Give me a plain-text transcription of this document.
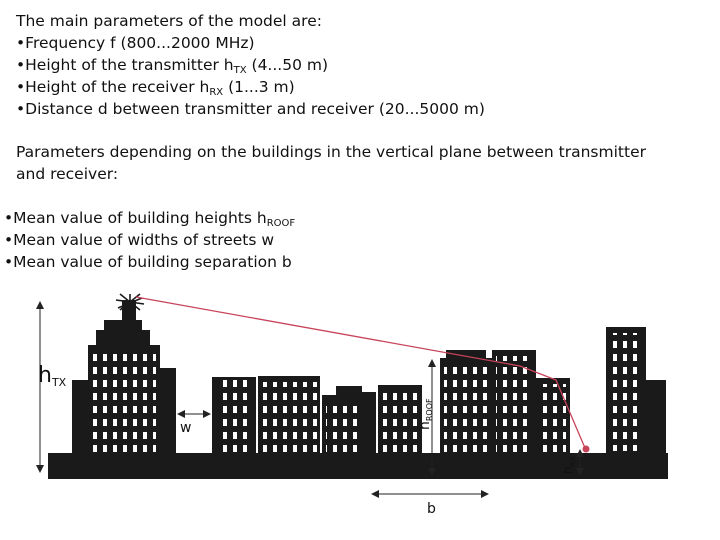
The main parameters of the model are:
•Frequency f (800...2000 MHz)
•Height of the transmitter $h_{TX}$ (4...50 m)
•Height of the receiver $h_{RX}$ (1...3 m)
•Distance d between transmitter and receiver (20...5000 m)
Parameters depending on the buildings in the vertical plane between transmitter and receiver:
•Mean value of building heights $h_{ROOF}$
•Mean value of widths of streets w
•Mean value of building separation b
hTX
w	$h_{ROOF}$
$h_{RX}$
b
